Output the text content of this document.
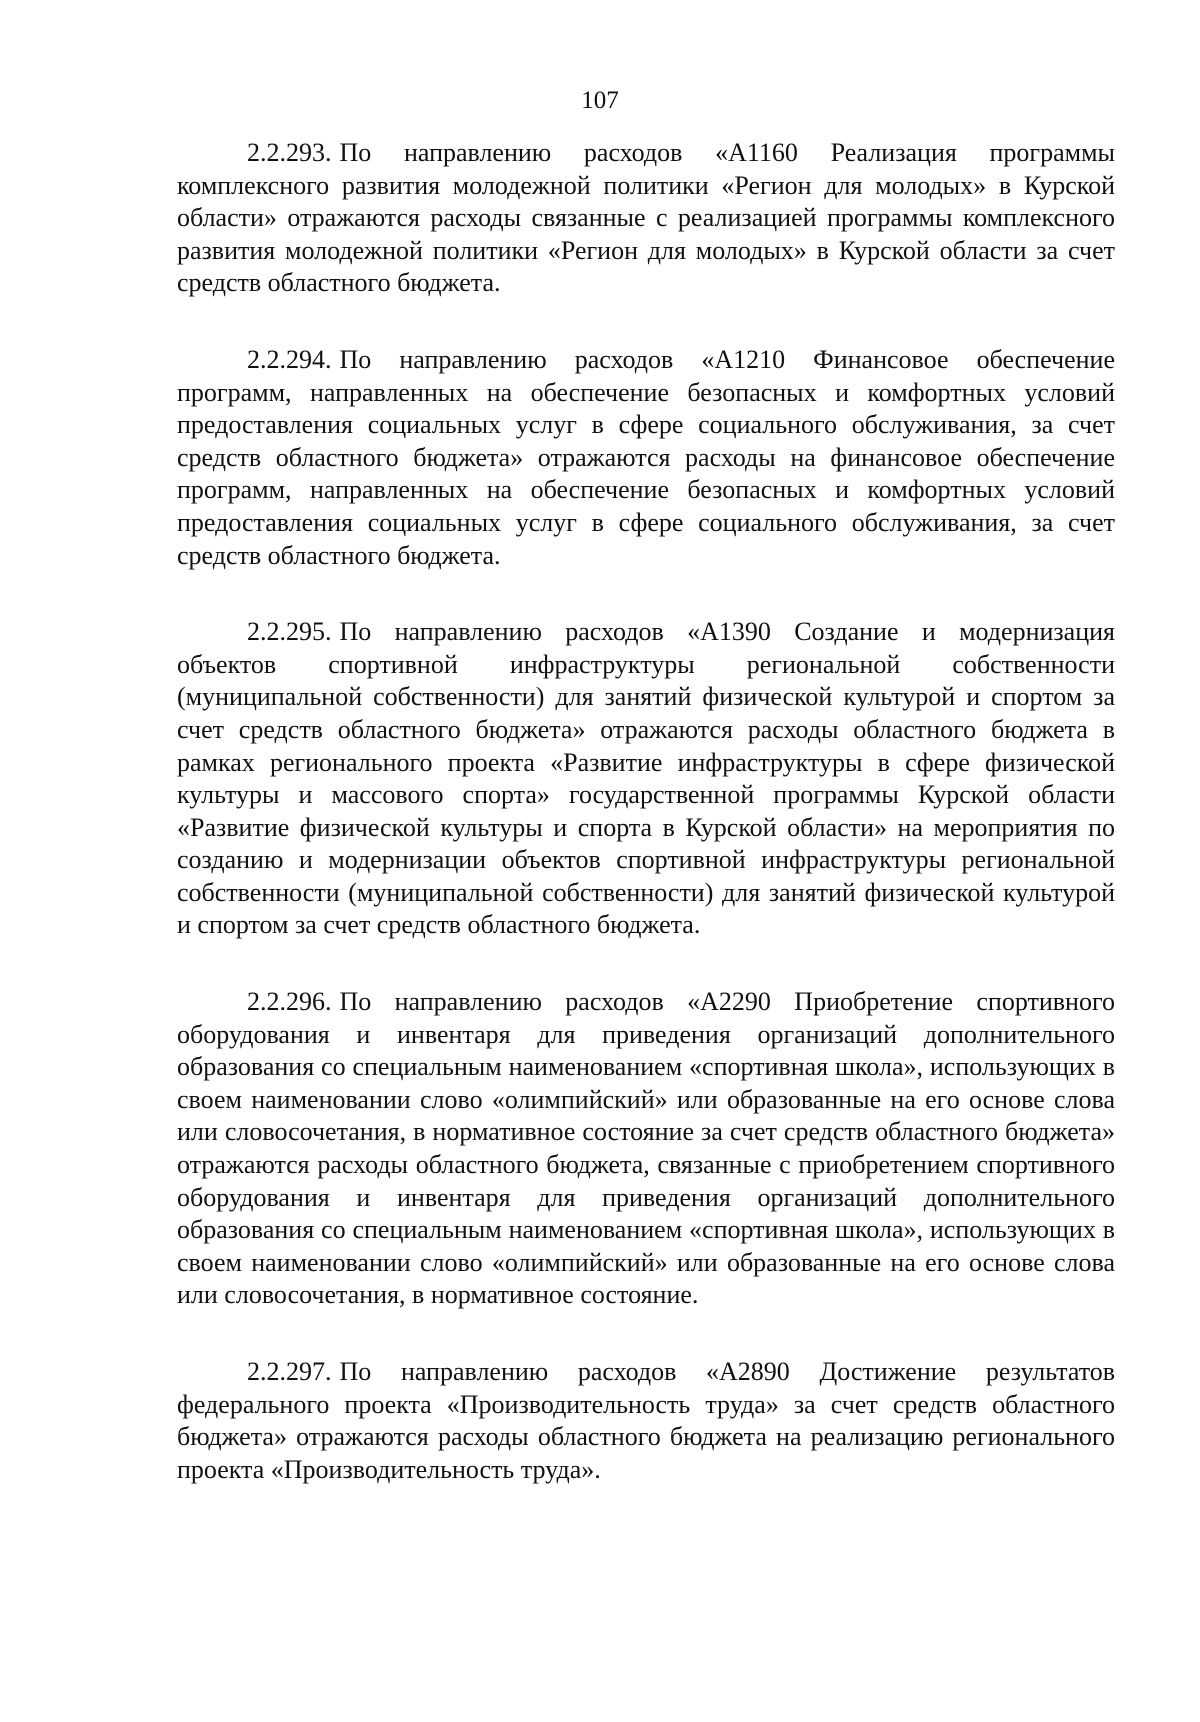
107

2.2.293. По направлению расходов «А1160 Реализация программы комплексного развития молодежной политики «Регион для молодых» в Курской области» отражаются расходы связанные с реализацией программы комплексного развития молодежной политики «Регион для молодых» в Курской области за счет средств областного бюджета.

2.2.294. По направлению расходов «А1210 Финансовое обеспечение программ, направленных на обеспечение безопасных и комфортных условий предоставления социальных услуг в сфере социального обслуживания, за счет средств областного бюджета» отражаются расходы на финансовое обеспечение программ, направленных на обеспечение безопасных и комфортных условий предоставления социальных услуг в сфере социального обслуживания, за счет средств областного бюджета.

2.2.295. По направлению расходов «А1390 Создание и модернизация объектов спортивной инфраструктуры региональной собственности (муниципальной собственности) для занятий физической культурой и спортом за счет средств областного бюджета» отражаются расходы областного бюджета в рамках регионального проекта «Развитие инфраструктуры в сфере физической культуры и массового спорта» государственной программы Курской области «Развитие физической культуры и спорта в Курской области» на мероприятия по созданию и модернизации объектов спортивной инфраструктуры региональной собственности (муниципальной собственности) для занятий физической культурой и спортом за счет средств областного бюджета.

2.2.296. По направлению расходов «А2290 Приобретение спортивного оборудования и инвентаря для приведения организаций дополнительного образования со специальным наименованием «спортивная школа», использующих в своем наименовании слово «олимпийский» или образованные на его основе слова или словосочетания, в нормативное состояние за счет средств областного бюджета» отражаются расходы областного бюджета, связанные с приобретением спортивного оборудования и инвентаря для приведения организаций дополнительного образования со специальным наименованием «спортивная школа», использующих в своем наименовании слово «олимпийский» или образованные на его основе слова или словосочетания, в нормативное состояние.

2.2.297. По направлению расходов «А2890 Достижение результатов федерального проекта «Производительность труда» за счет средств областного бюджета» отражаются расходы областного бюджета на реализацию регионального проекта «Производительность труда».
